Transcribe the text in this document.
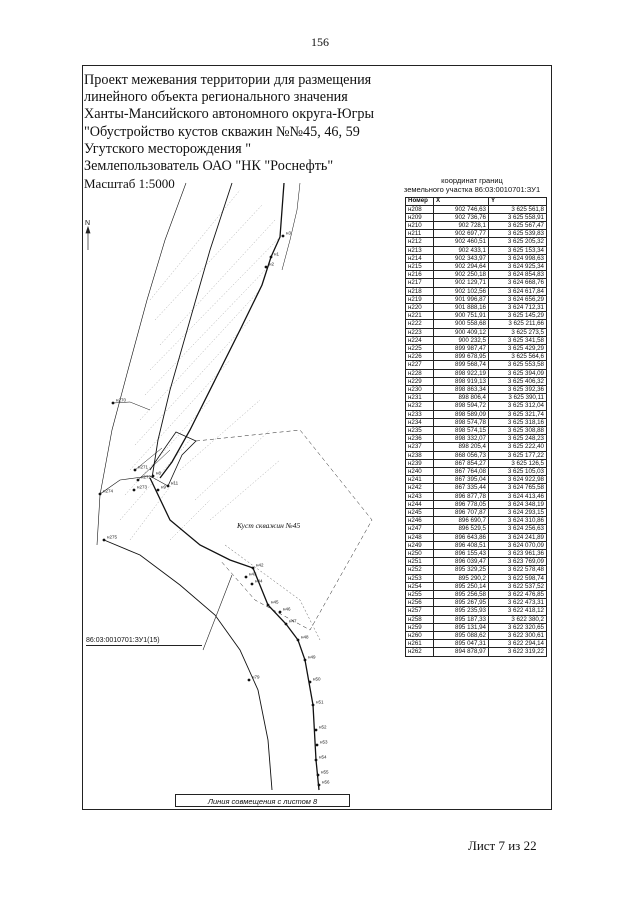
156
н3
н1
н2
н270
н271
н272
н273
н274
н275
н8
н9
н11
н42
н43
н44
н45
н46
н47
н48
н49
н50
н51
н52
н53
н54
н55
н56
н79
N
Проект межевания территории для размещения
линейного объекта регионального значения
Ханты-Мансийского автономного округа-Югры
"Обустройство кустов скважин №№45, 46, 59
Угутского месторождения "
Землепользователь ОАО "НК "Роснефть"
Масштаб 1:5000	координат границ
земельного участка 86:03:0010701:ЗУ1
Номер	X	Y
н208	902 746,63	3 625 561,8
н209	902 736,76	3 625 558,91
н210	902 728,1	3 625 567,47
н211	902 697,77	3 625 539,83
н212	902 460,51	3 625 205,32
н213	902 433,1	3 625 153,34
н214	902 343,97	3 624 998,63
н215	902 294,64	3 624 925,34
н216	902 250,18	3 624 854,83
н217	902 129,71	3 624 668,76
н218	902 102,56	3 624 617,84
н219	901 996,87	3 624 656,29
н220	901 888,16	3 624 712,31
н221	900 751,91	3 625 145,29
н222	900 558,68	3 625 211,66
н223	900 409,12	3 625 273,5
н224	900 232,5	3 625 341,58
н225	899 987,47	3 625 429,29
н226	899 678,95	3 625 564,6
н227	899 568,74	3 625 553,58
н228	898 922,19	3 625 394,09
н229	898 919,13	3 625 406,32
н230	898 863,34	3 625 392,36
н231	898 806,4	3 625 390,11
н232	898 594,72	3 625 312,04
н233	898 589,09	3 625 321,74
н234	898 574,78	3 625 318,16
н235	898 574,15	3 625 308,88
н236	898 332,07	3 625 248,23
н237	898 205,4	3 625 222,40
н238	868 056,73	3 625 177,22
н239	867 854,27	3 625 126,5
н240	867 764,08	3 625 105,03
н241	867 395,04	3 624 922,98
н242	867 335,44	3 624 765,58
н243	896 877,78	3 624 413,46
н244	896 778,05	3 624 348,19
н245	896 707,87	3 624 293,15
н246	896 690,7	3 624 310,86
н247	896 529,5	3 624 256,63
н248	896 643,86	3 624 241,89
н249	896 408,51	3 624 070,09
н250	896 155,43	3 623 961,36
н251	896 039,47	3 623 769,09
н252	895 329,25	3 622 578,48
н253	895 290,2	3 622 598,74
н254	895 250,14	3 622 537,52
н255	895 256,58	3 622 476,85
н256	895 267,95	3 622 473,31
н257	895 235,93	3 622 418,12
н258	895 187,33	3 622 380,2
н259	895 131,94	3 622 320,65
н260	895 088,62	3 622 300,61
н261	895 047,31	3 622 294,14
н262	894 878,97	3 622 319,22
86:03:0010701:ЗУ1(15)
Куст скважин №45
Линия совмещения с листом 8
Лист 7 из 22
